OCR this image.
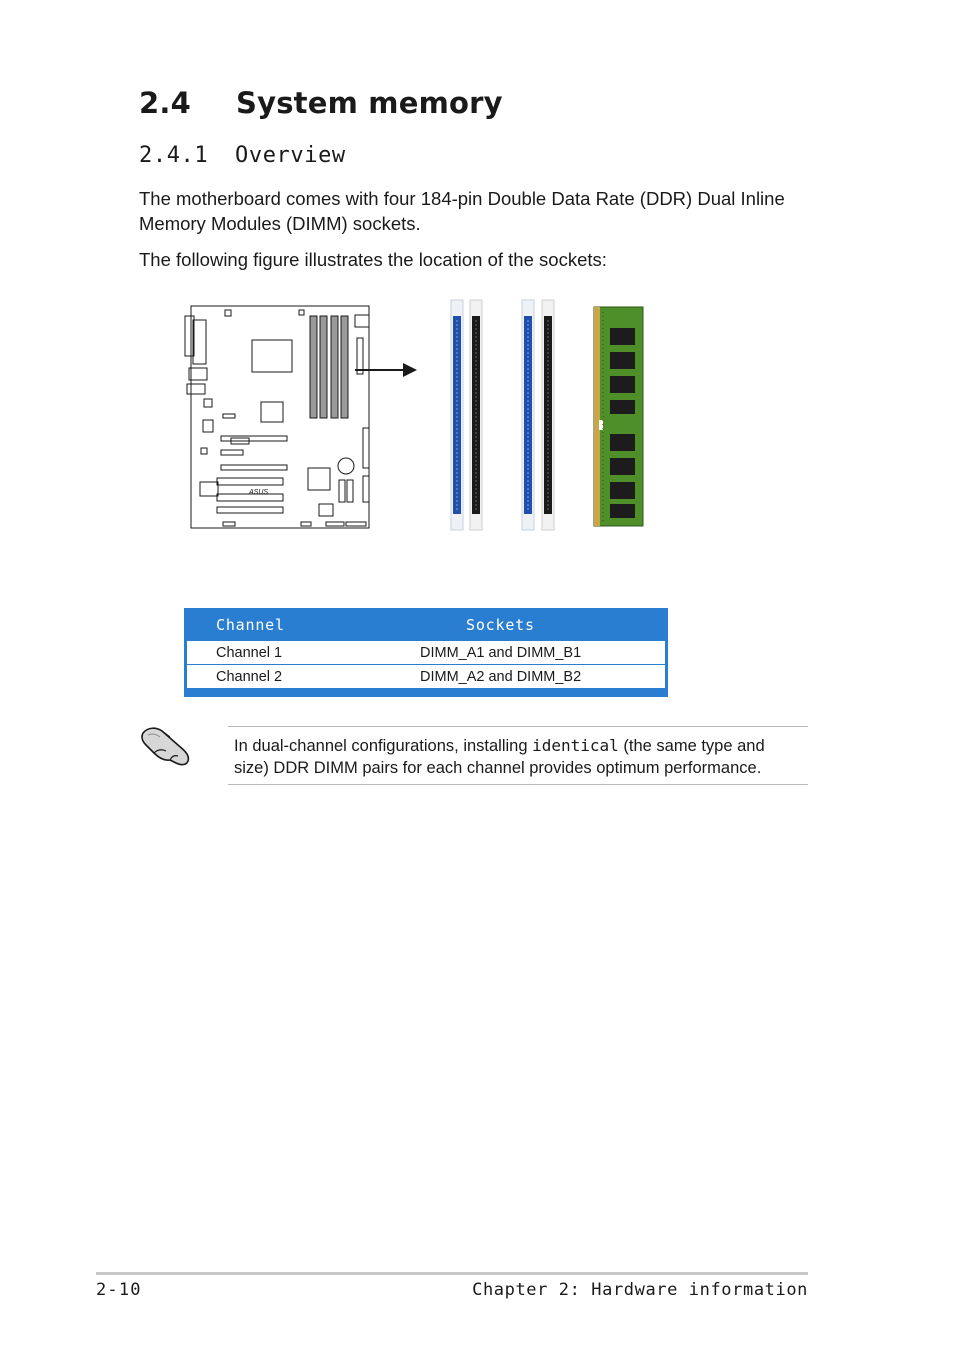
2.4 System memory
2.4.1 Overview

The motherboard comes with four 184-pin Double Data Rate (DDR) Dual Inline Memory Modules (DIMM) sockets.

The following figure illustrates the location of the sockets:

ASUS
Channel	Sockets
Channel 1	DIMM_A1 and DIMM_B1
Channel 2	DIMM_A2 and DIMM_B2

In dual-channel configurations, installing identical (the same type and size) DDR DIMM pairs for each channel provides optimum performance.

2-10	Chapter 2: Hardware information
